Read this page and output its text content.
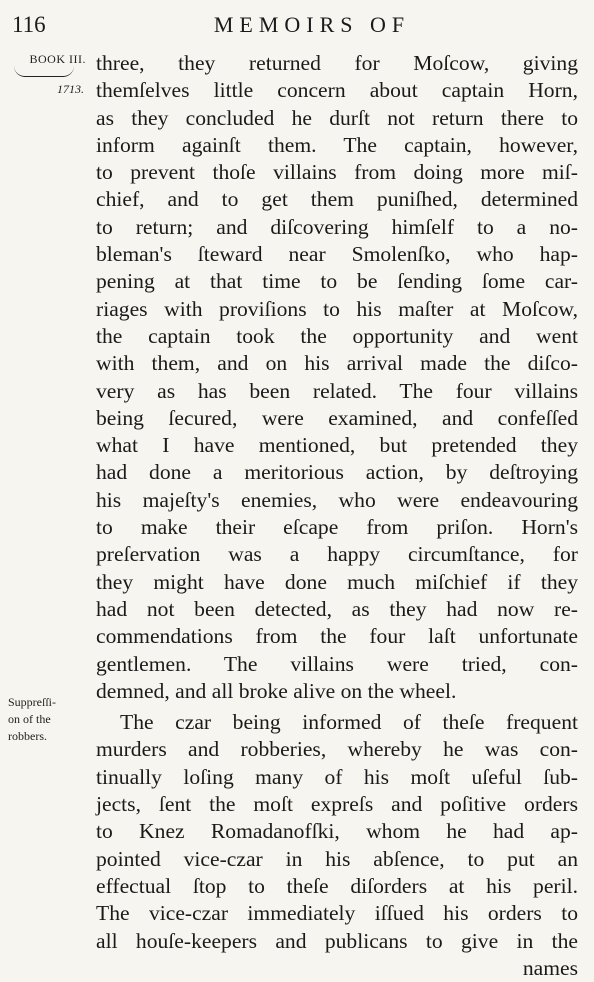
116	MEMOIRS OF
BOOK III.
1713.
Suppreſſi-
on of the
robbers.
three, they returned for Moſcow, giving
themſelves little concern about captain Horn,
as they concluded he durſt not return there to
inform againſt them. The captain, however,
to prevent thoſe villains from doing more miſ-
chief, and to get them puniſhed, determined
to return; and diſcovering himſelf to a no-
bleman's ſteward near Smolenſko, who hap-
pening at that time to be ſending ſome car-
riages with proviſions to his maſter at Moſcow,
the captain took the opportunity and went
with them, and on his arrival made the diſco-
very as has been related. The four villains
being ſecured, were examined, and confeſſed
what I have mentioned, but pretended they
had done a meritorious action, by deſtroying
his majeſty's enemies, who were endeavouring
to make their eſcape from priſon. Horn's
preſervation was a happy circumſtance, for
they might have done much miſchief if they
had not been detected, as they had now re-
commendations from the four laſt unfortunate
gentlemen. The villains were tried, con-
demned, and all broke alive on the wheel.
The czar being informed of theſe frequent
murders and robberies, whereby he was con-
tinually loſing many of his moſt uſeful ſub-
jects, ſent the moſt expreſs and poſitive orders
to Knez Romadanofſki, whom he had ap-
pointed vice-czar in his abſence, to put an
effectual ſtop to theſe diſorders at his peril.
The vice-czar immediately iſſued his orders to
all houſe-keepers and publicans to give in the
names
